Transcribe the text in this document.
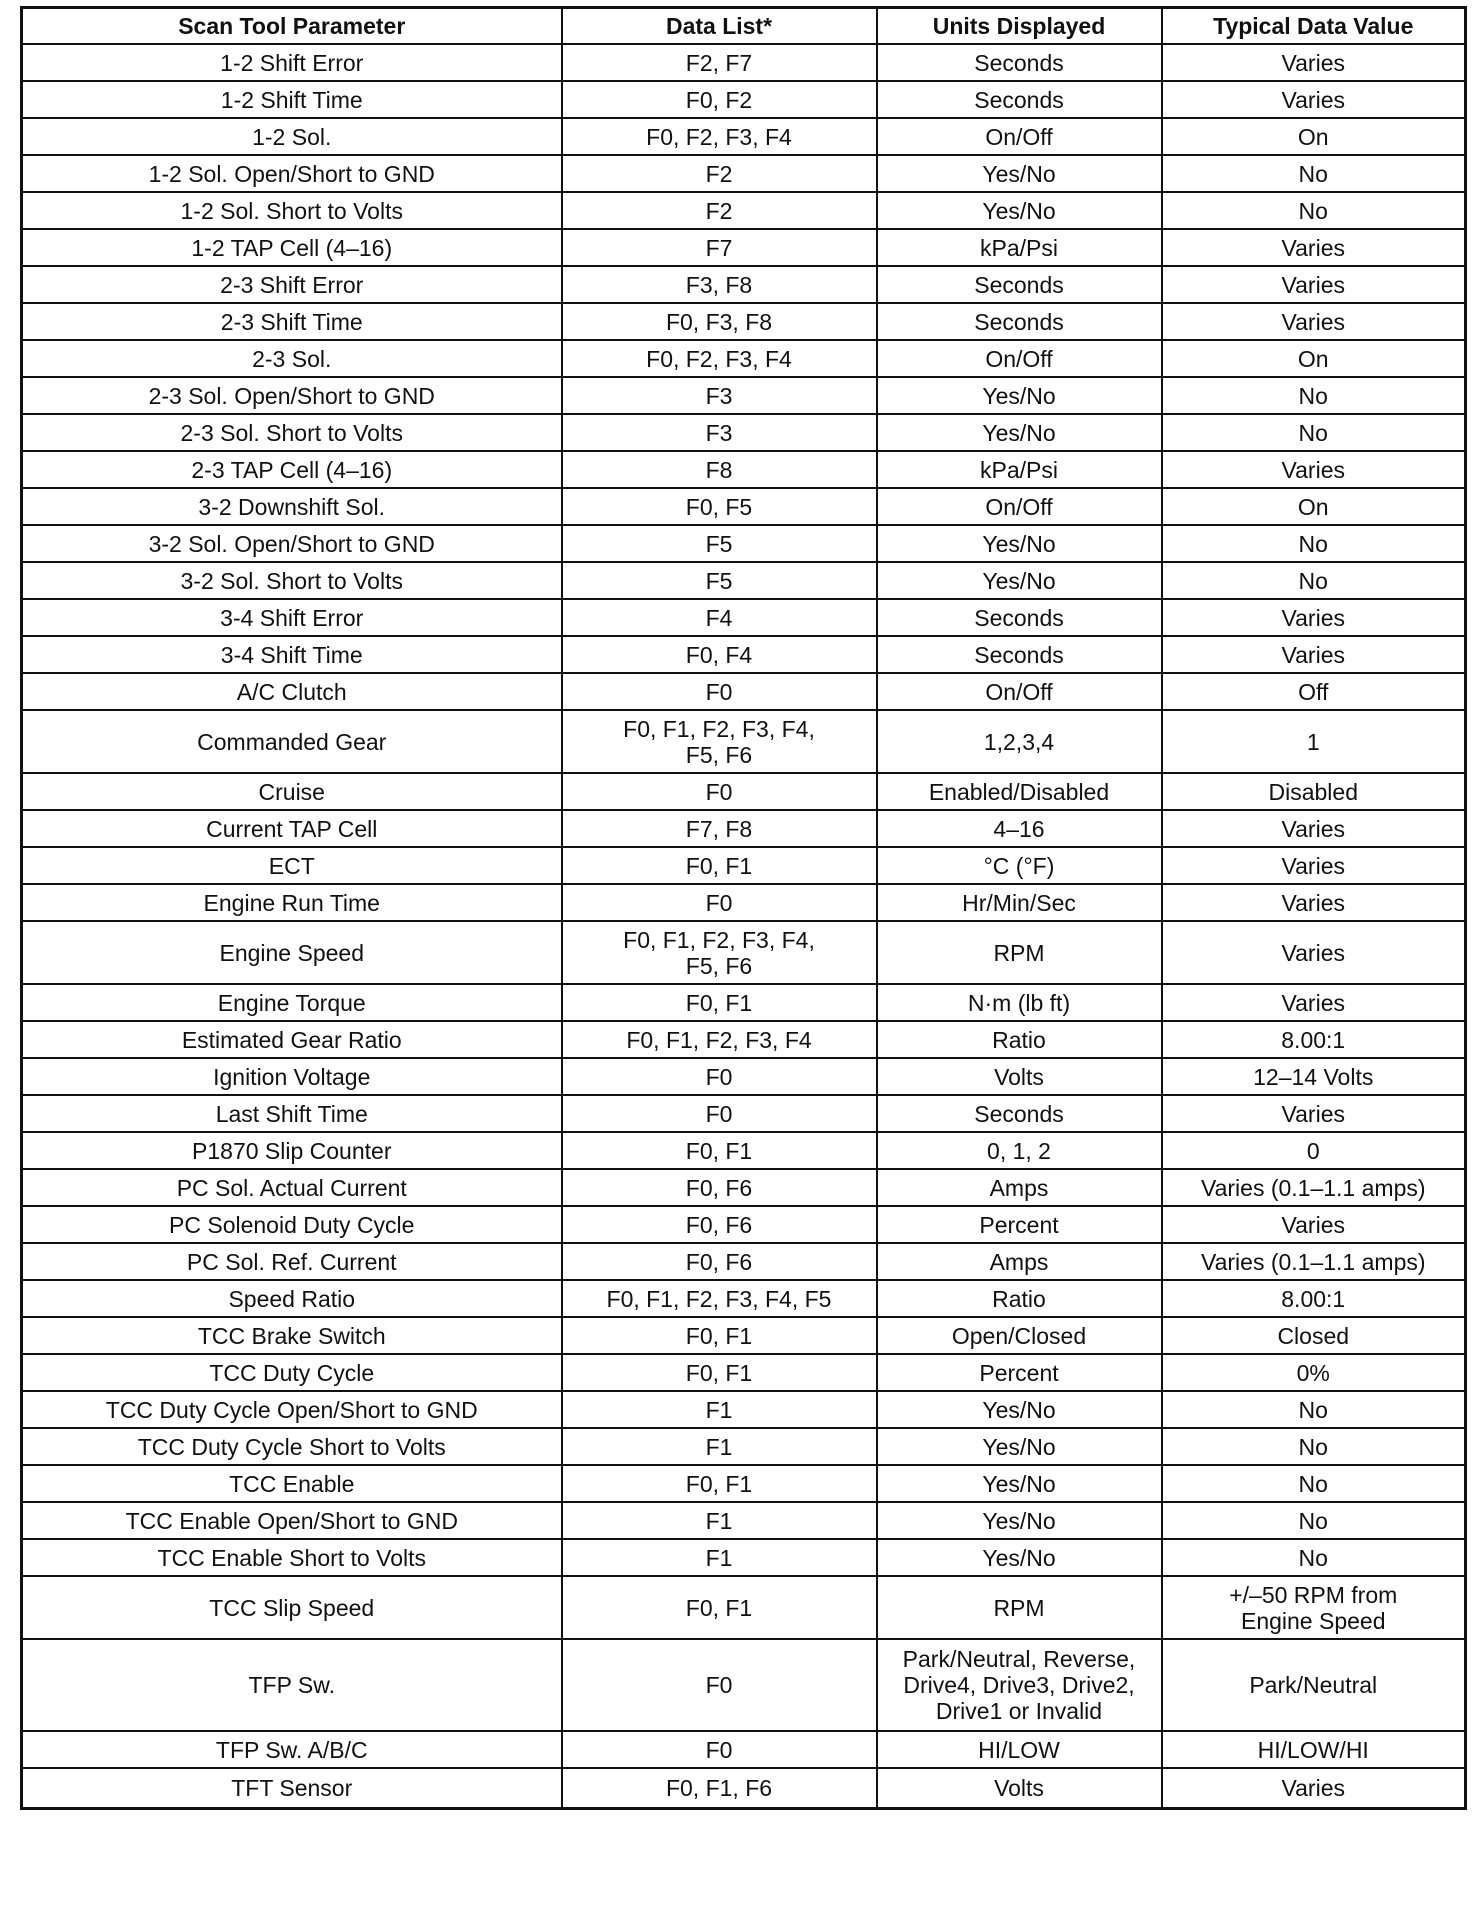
Scan Tool Parameter	Data List*	Units Displayed	Typical Data Value
1-2 Shift Error	F2, F7	Seconds	Varies
1-2 Shift Time	F0, F2	Seconds	Varies
1-2 Sol.	F0, F2, F3, F4	On/Off	On
1-2 Sol. Open/Short to GND	F2	Yes/No	No
1-2 Sol. Short to Volts	F2	Yes/No	No
1-2 TAP Cell (4–16)	F7	kPa/Psi	Varies
2-3 Shift Error	F3, F8	Seconds	Varies
2-3 Shift Time	F0, F3, F8	Seconds	Varies
2-3 Sol.	F0, F2, F3, F4	On/Off	On
2-3 Sol. Open/Short to GND	F3	Yes/No	No
2-3 Sol. Short to Volts	F3	Yes/No	No
2-3 TAP Cell (4–16)	F8	kPa/Psi	Varies
3-2 Downshift Sol.	F0, F5	On/Off	On
3-2 Sol. Open/Short to GND	F5	Yes/No	No
3-2 Sol. Short to Volts	F5	Yes/No	No
3-4 Shift Error	F4	Seconds	Varies
3-4 Shift Time	F0, F4	Seconds	Varies
A/C Clutch	F0	On/Off	Off
Commanded Gear	F0, F1, F2, F3, F4,
F5, F6	1,2,3,4	1
Cruise	F0	Enabled/Disabled	Disabled
Current TAP Cell	F7, F8	4–16	Varies
ECT	F0, F1	°C (°F)	Varies
Engine Run Time	F0	Hr/Min/Sec	Varies
Engine Speed	F0, F1, F2, F3, F4,
F5, F6	RPM	Varies
Engine Torque	F0, F1	N·m (lb ft)	Varies
Estimated Gear Ratio	F0, F1, F2, F3, F4	Ratio	8.00:1
Ignition Voltage	F0	Volts	12–14 Volts
Last Shift Time	F0	Seconds	Varies
P1870 Slip Counter	F0, F1	0, 1, 2	0
PC Sol. Actual Current	F0, F6	Amps	Varies (0.1–1.1 amps)
PC Solenoid Duty Cycle	F0, F6	Percent	Varies
PC Sol. Ref. Current	F0, F6	Amps	Varies (0.1–1.1 amps)
Speed Ratio	F0, F1, F2, F3, F4, F5	Ratio	8.00:1
TCC Brake Switch	F0, F1	Open/Closed	Closed
TCC Duty Cycle	F0, F1	Percent	0%
TCC Duty Cycle Open/Short to GND	F1	Yes/No	No
TCC Duty Cycle Short to Volts	F1	Yes/No	No
TCC Enable	F0, F1	Yes/No	No
TCC Enable Open/Short to GND	F1	Yes/No	No
TCC Enable Short to Volts	F1	Yes/No	No
TCC Slip Speed	F0, F1	RPM	+/–50 RPM from
Engine Speed
TFP Sw.	F0	Park/Neutral, Reverse,
Drive4, Drive3, Drive2,
Drive1 or Invalid	Park/Neutral
TFP Sw. A/B/C	F0	HI/LOW	HI/LOW/HI
TFT Sensor	F0, F1, F6	Volts	Varies
